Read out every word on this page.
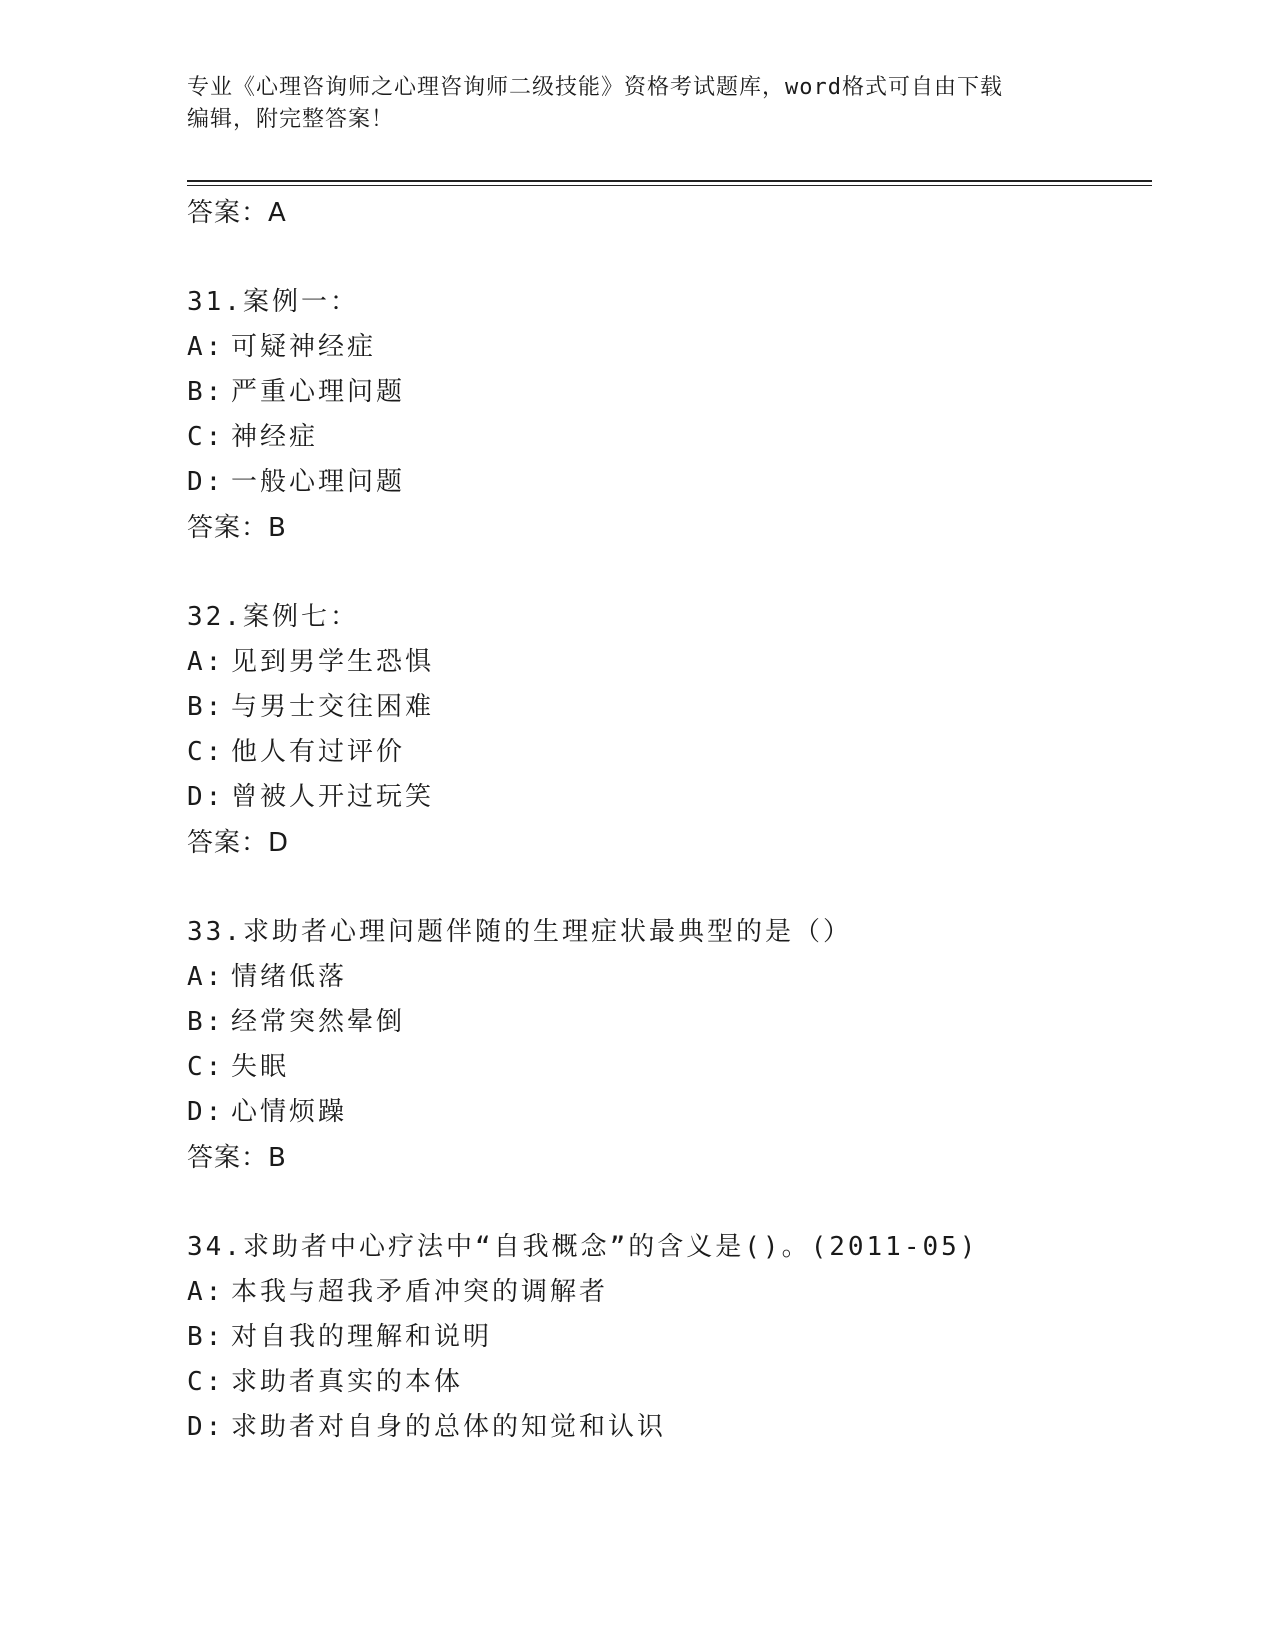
专业《心理咨询师之心理咨询师二级技能》资格考试题库，word格式可自由下载
编辑，附完整答案！
答案：A
31.案例一：
A: 可疑神经症
B: 严重心理问题
C: 神经症
D: 一般心理问题
答案：B
32.案例七：
A: 见到男学生恐惧
B: 与男士交往困难
C: 他人有过评价
D: 曾被人开过玩笑
答案：D
33.求助者心理问题伴随的生理症状最典型的是（）
A: 情绪低落
B: 经常突然晕倒
C: 失眠
D: 心情烦躁
答案：B
34.求助者中心疗法中“自我概念”的含义是()。(2011-05)
A: 本我与超我矛盾冲突的调解者
B: 对自我的理解和说明
C: 求助者真实的本体
D: 求助者对自身的总体的知觉和认识
